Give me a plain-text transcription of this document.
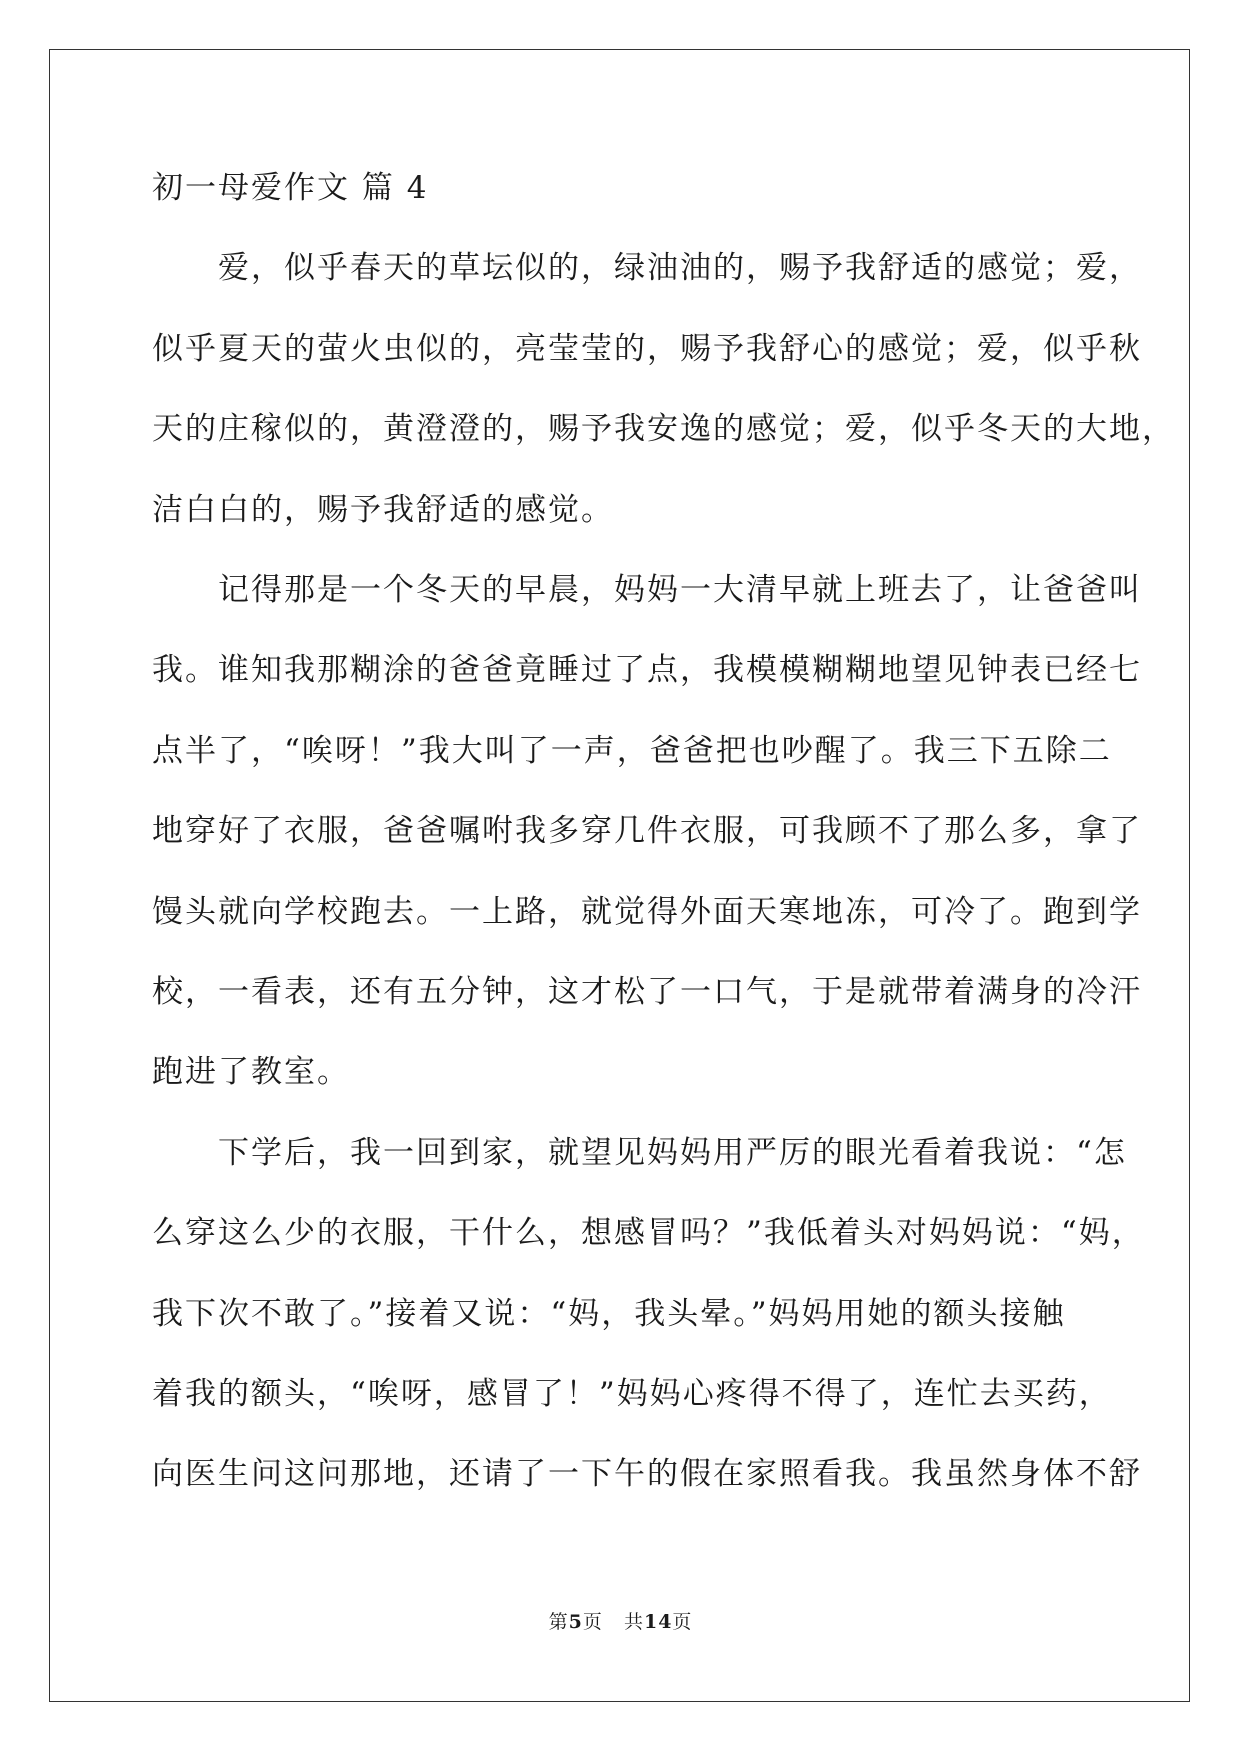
初一母爱作文 篇 4

　　爱，似乎春天的草坛似的，绿油油的，赐予我舒适的感觉；爱，

似乎夏天的萤火虫似的，亮莹莹的，赐予我舒心的感觉；爱，似乎秋

天的庄稼似的，黄澄澄的，赐予我安逸的感觉；爱，似乎冬天的大地，

洁白白的，赐予我舒适的感觉。

　　记得那是一个冬天的早晨，妈妈一大清早就上班去了，让爸爸叫

我。谁知我那糊涂的爸爸竟睡过了点，我模模糊糊地望见钟表已经七

点半了，“唉呀！”我大叫了一声，爸爸把也吵醒了。我三下五除二

地穿好了衣服，爸爸嘱咐我多穿几件衣服，可我顾不了那么多，拿了

馒头就向学校跑去。一上路，就觉得外面天寒地冻，可冷了。跑到学

校，一看表，还有五分钟，这才松了一口气，于是就带着满身的冷汗

跑进了教室。

　　下学后，我一回到家，就望见妈妈用严厉的眼光看着我说：“怎

么穿这么少的衣服，干什么，想感冒吗？”我低着头对妈妈说：“妈，

我下次不敢了。”接着又说：“妈，我头晕。”妈妈用她的额头接触

着我的额头，“唉呀，感冒了！”妈妈心疼得不得了，连忙去买药，

向医生问这问那地，还请了一下午的假在家照看我。我虽然身体不舒

第5页 共14页
